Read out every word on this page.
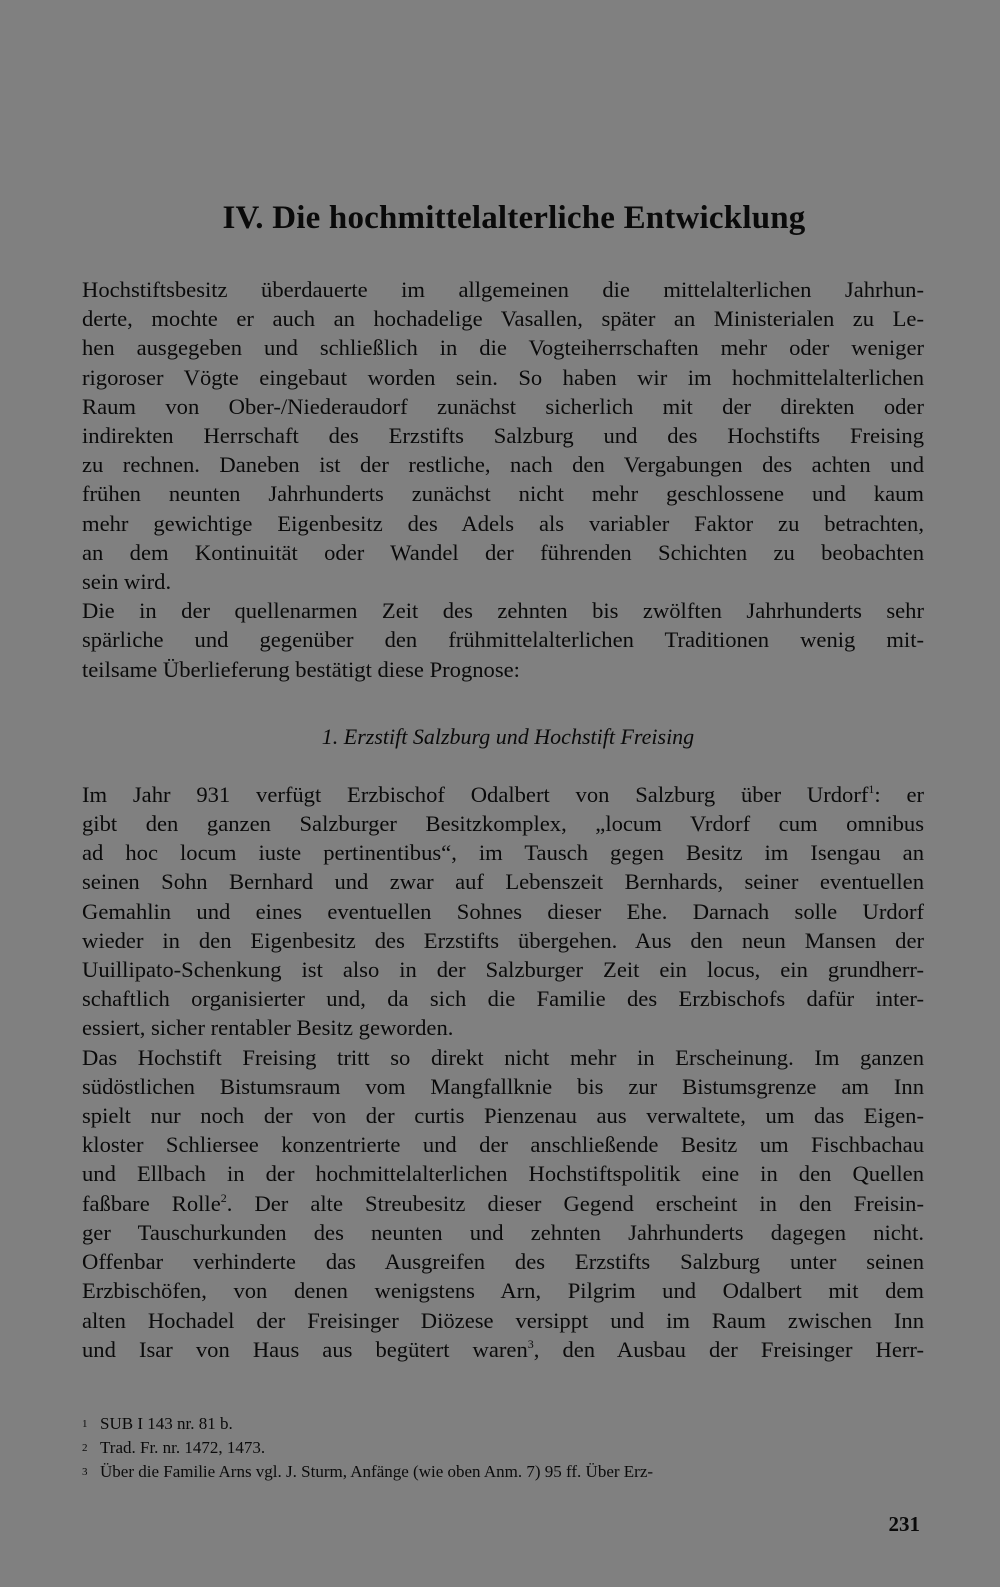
IV. Die hochmittelalterliche Entwicklung

Hochstiftsbesitz überdauerte im allgemeinen die mittelalterlichen Jahrhun-
derte, mochte er auch an hochadelige Vasallen, später an Ministerialen zu Le-
hen ausgegeben und schließlich in die Vogteiherrschaften mehr oder weniger
rigoroser Vögte eingebaut worden sein. So haben wir im hochmittelalterlichen
Raum von Ober-/Niederaudorf zunächst sicherlich mit der direkten oder
indirekten Herrschaft des Erzstifts Salzburg und des Hochstifts Freising
zu rechnen. Daneben ist der restliche, nach den Vergabungen des achten und
frühen neunten Jahrhunderts zunächst nicht mehr geschlossene und kaum
mehr gewichtige Eigenbesitz des Adels als variabler Faktor zu betrachten,
an dem Kontinuität oder Wandel der führenden Schichten zu beobachten
sein wird.

Die in der quellenarmen Zeit des zehnten bis zwölften Jahrhunderts sehr
spärliche und gegenüber den frühmittelalterlichen Traditionen wenig mit-
teilsame Überlieferung bestätigt diese Prognose:

1. Erzstift Salzburg und Hochstift Freising

Im Jahr 931 verfügt Erzbischof Odalbert von Salzburg über Urdorf$^1$: er
gibt den ganzen Salzburger Besitzkomplex, „locum Vrdorf cum omnibus
ad hoc locum iuste pertinentibus“, im Tausch gegen Besitz im Isengau an
seinen Sohn Bernhard und zwar auf Lebenszeit Bernhards, seiner eventuellen
Gemahlin und eines eventuellen Sohnes dieser Ehe. Darnach solle Urdorf
wieder in den Eigenbesitz des Erzstifts übergehen. Aus den neun Mansen der
Uuillipato-Schenkung ist also in der Salzburger Zeit ein locus, ein grundherr-
schaftlich organisierter und, da sich die Familie des Erzbischofs dafür inter-
essiert, sicher rentabler Besitz geworden.

Das Hochstift Freising tritt so direkt nicht mehr in Erscheinung. Im ganzen
südöstlichen Bistumsraum vom Mangfallknie bis zur Bistumsgrenze am Inn
spielt nur noch der von der curtis Pienzenau aus verwaltete, um das Eigen-
kloster Schliersee konzentrierte und der anschließende Besitz um Fischbachau
und Ellbach in der hochmittelalterlichen Hochstiftspolitik eine in den Quellen
faßbare Rolle$^2$. Der alte Streubesitz dieser Gegend erscheint in den Freisin-
ger Tauschurkunden des neunten und zehnten Jahrhunderts dagegen nicht.
Offenbar verhinderte das Ausgreifen des Erzstifts Salzburg unter seinen
Erzbischöfen, von denen wenigstens Arn, Pilgrim und Odalbert mit dem
alten Hochadel der Freisinger Diözese versippt und im Raum zwischen Inn
und Isar von Haus aus begütert waren$^3$, den Ausbau der Freisinger Herr-

1 SUB I 143 nr. 81 b.
2 Trad. Fr. nr. 1472, 1473.
3 Über die Familie Arns vgl. J. Sturm, Anfänge (wie oben Anm. 7) 95 ff. Über Erz-
231
